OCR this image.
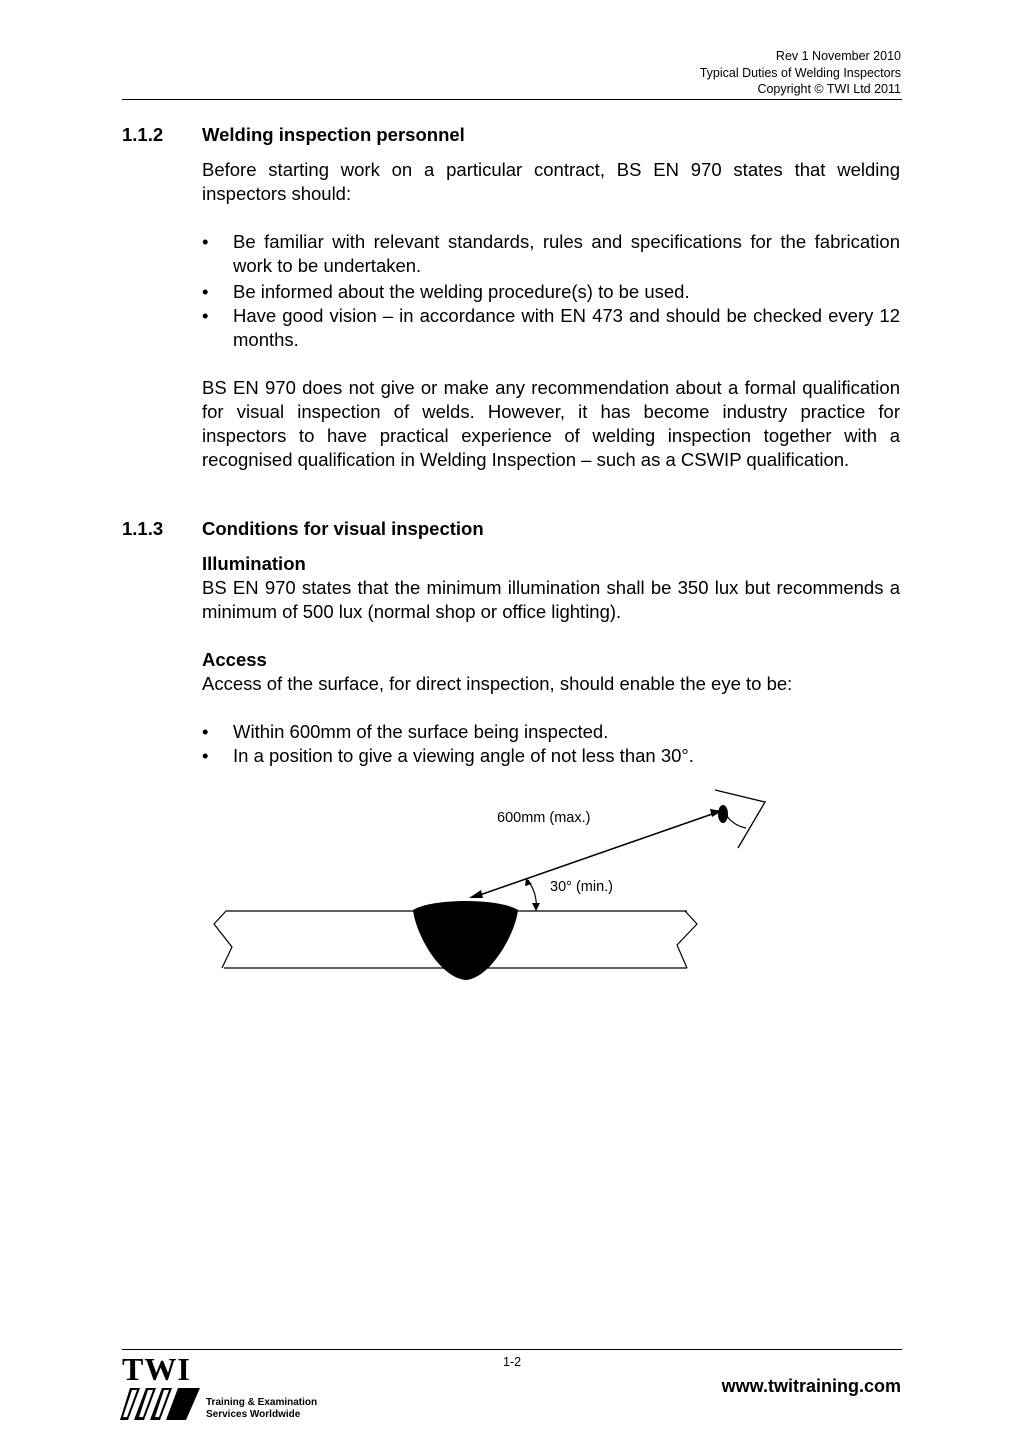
Rev 1 November 2010
Typical Duties of Welding Inspectors
Copyright © TWI Ltd 2011
1.1.2 Welding inspection personnel

Before starting work on a particular contract, BS EN 970 states that welding inspectors should:

• Be familiar with relevant standards, rules and specifications for the fabrication work to be undertaken.
• Be informed about the welding procedure(s) to be used.
• Have good vision – in accordance with EN 473 and should be checked every 12 months.

BS EN 970 does not give or make any recommendation about a formal qualification for visual inspection of welds. However, it has become industry practice for inspectors to have practical experience of welding inspection together with a recognised qualification in Welding Inspection – such as a CSWIP qualification.

1.1.3 Conditions for visual inspection
Illumination

BS EN 970 states that the minimum illumination shall be 350 lux but recommends a minimum of 500 lux (normal shop or office lighting).

Access

Access of the surface, for direct inspection, should enable the eye to be:

• Within 600mm of the surface being inspected.
• In a position to give a viewing angle of not less than 30°.
600mm (max.)
30° (min.)
1-2
TWI
Training & Examination
Services Worldwide
www.twitraining.com
